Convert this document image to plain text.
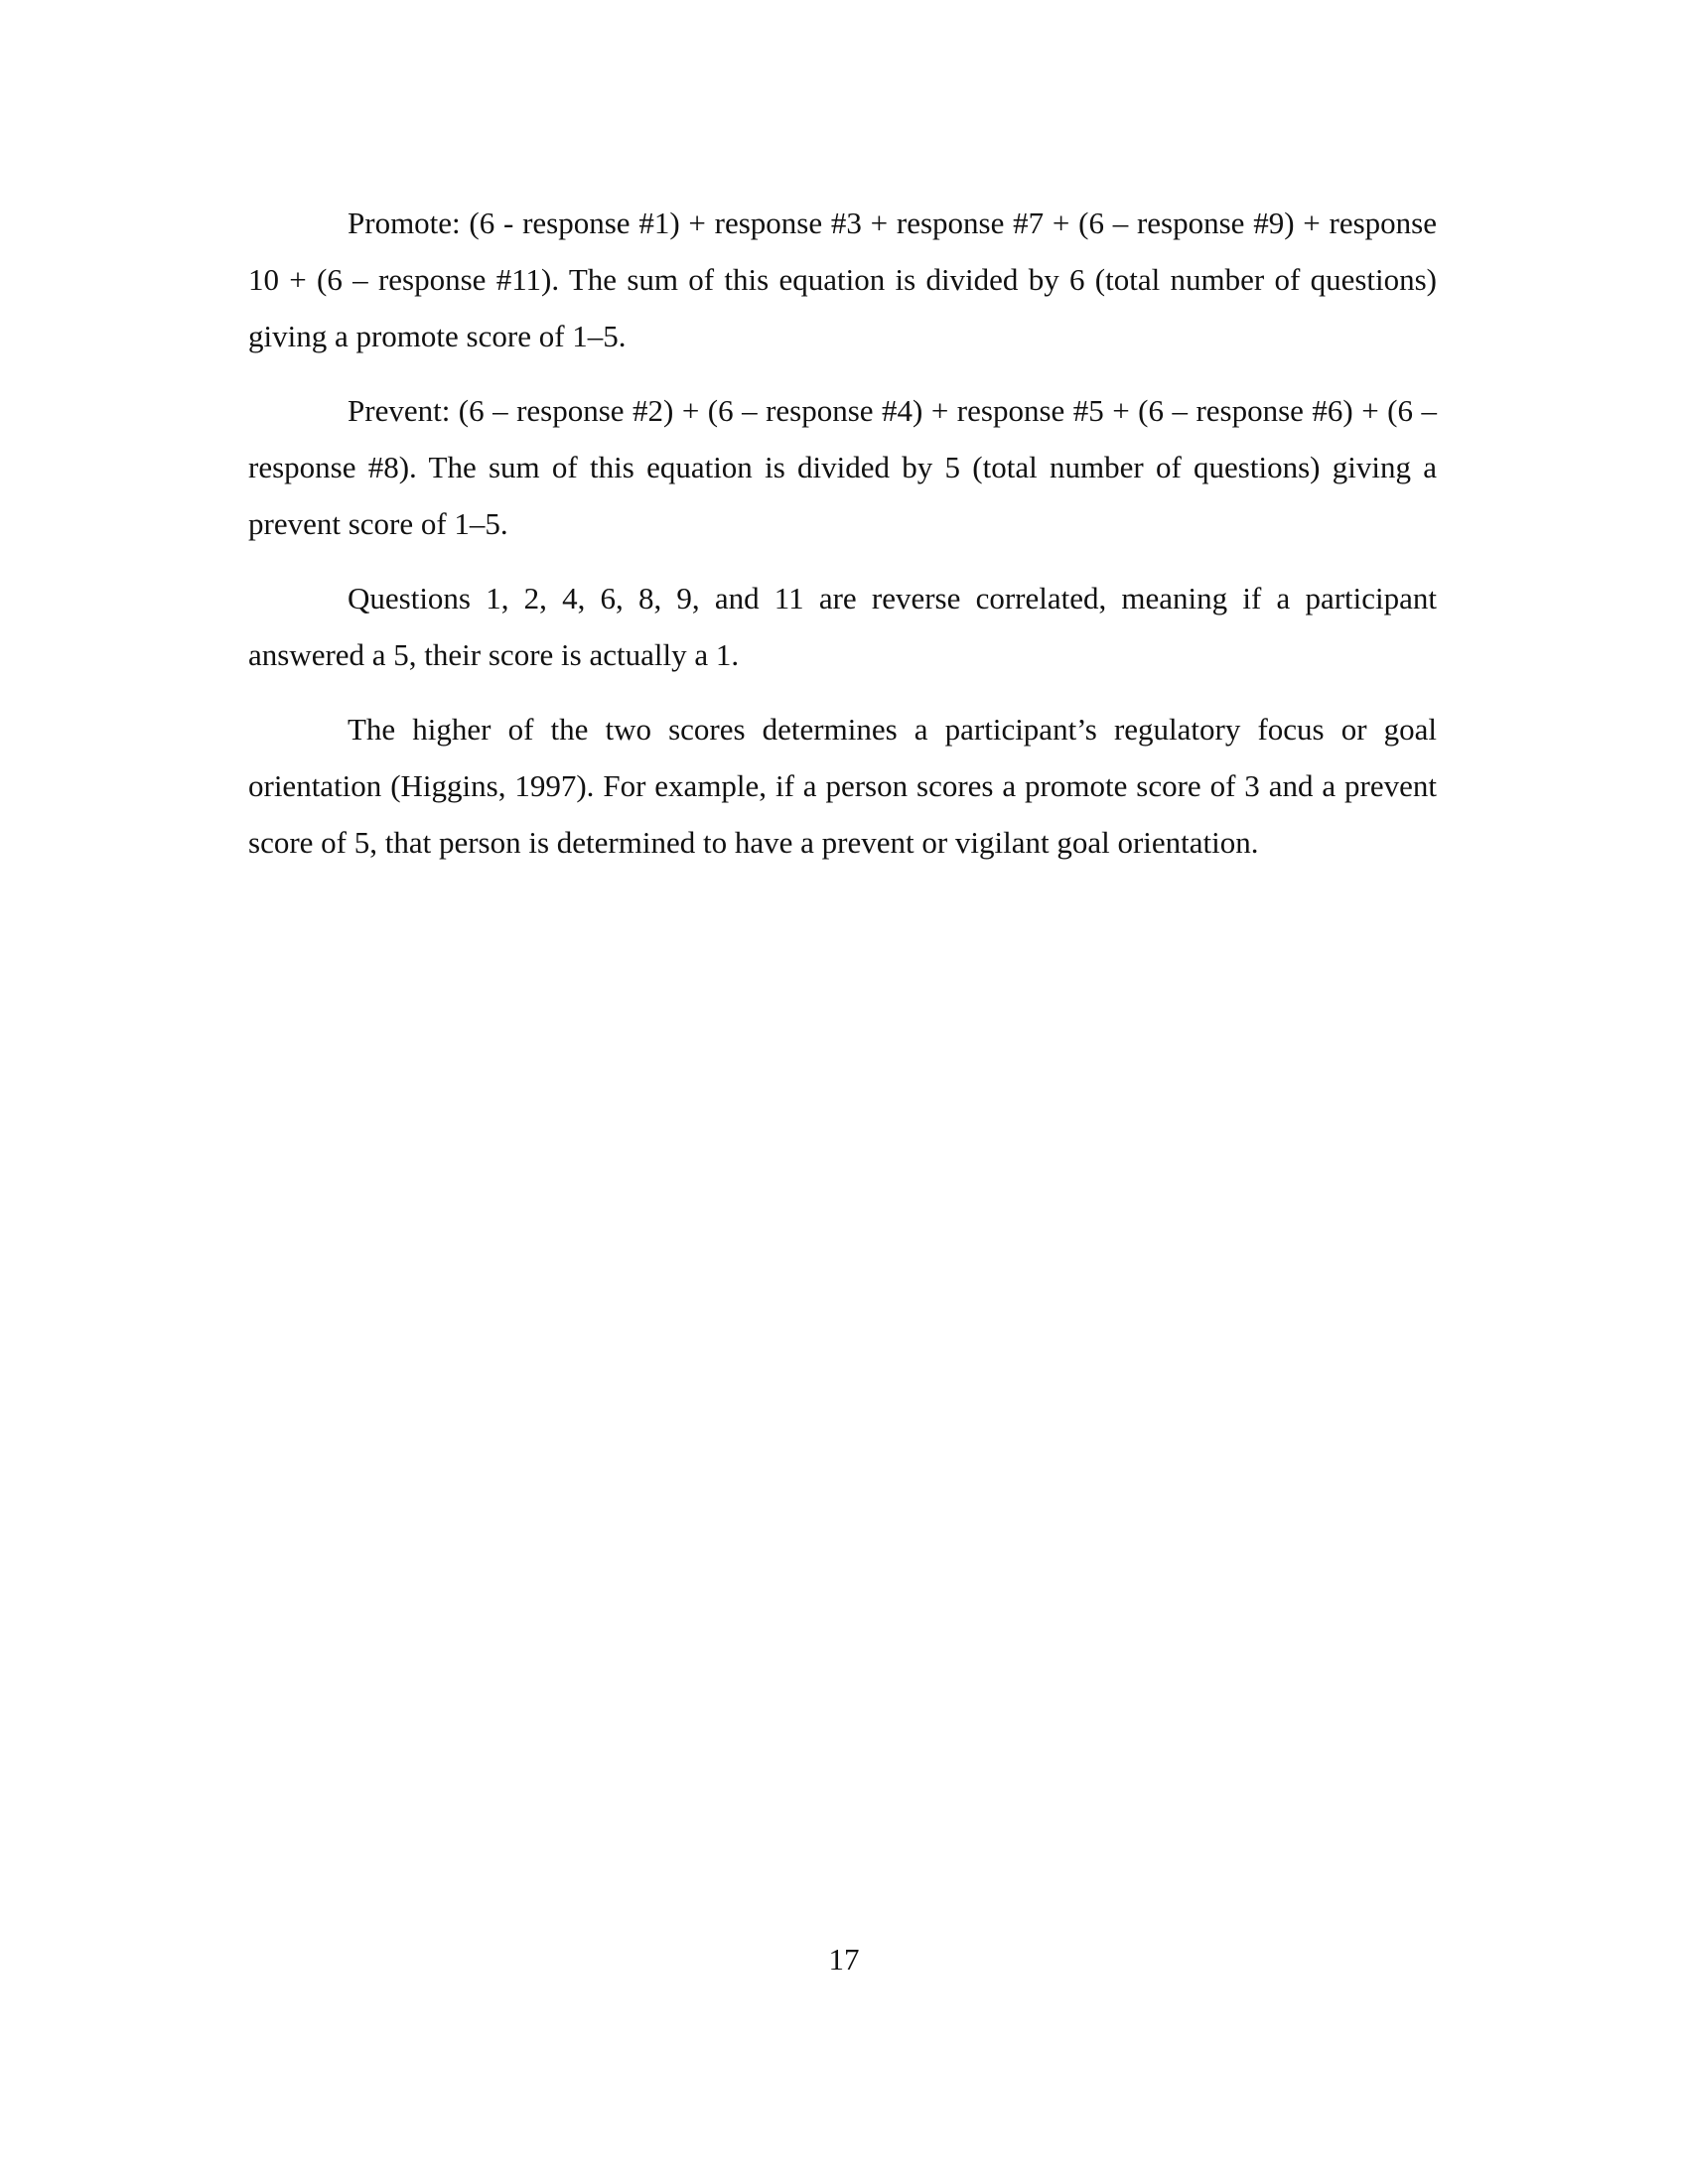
Promote: (6 - response #1) + response #3 + response #7 + (6 – response #9) + response 10 + (6 – response #11). The sum of this equation is divided by 6 (total number of questions) giving a promote score of 1–5.

Prevent: (6 – response #2) + (6 – response #4) + response #5 + (6 – response #6) + (6 – response #8). The sum of this equation is divided by 5 (total number of questions) giving a prevent score of 1–5.

Questions 1, 2, 4, 6, 8, 9, and 11 are reverse correlated, meaning if a participant answered a 5, their score is actually a 1.

The higher of the two scores determines a participant’s regulatory focus or goal orientation (Higgins, 1997). For example, if a person scores a promote score of 3 and a prevent score of 5, that person is determined to have a prevent or vigilant goal orientation.

17
